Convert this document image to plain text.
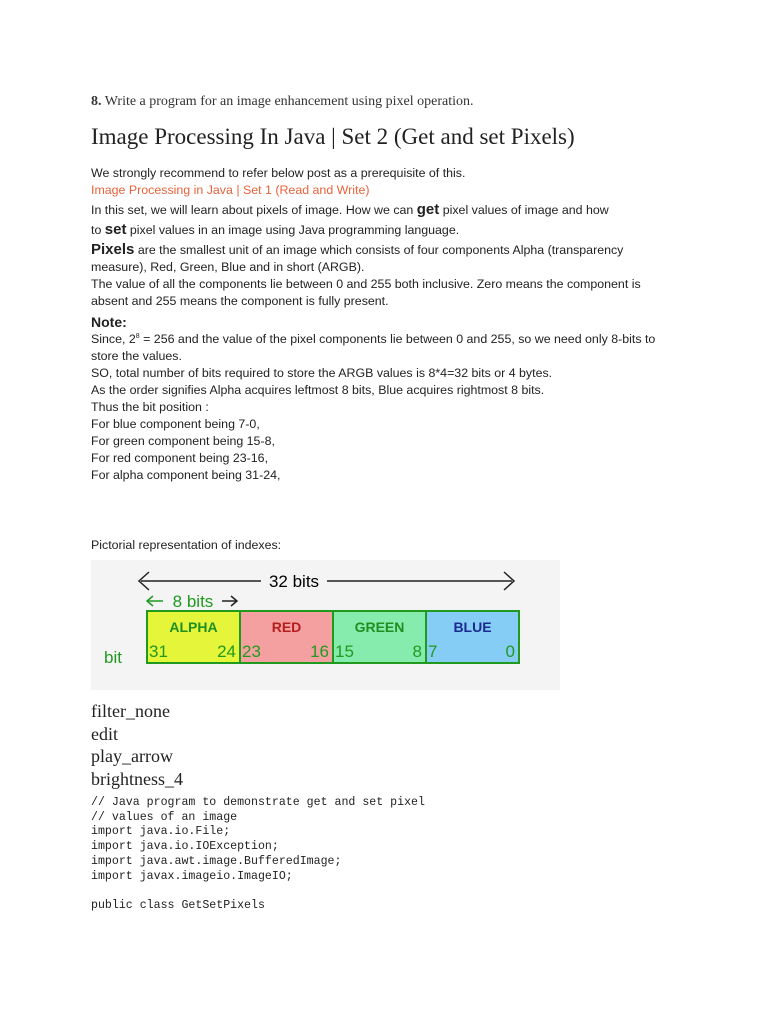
8. Write a program for an image enhancement using pixel operation.
Image Processing In Java | Set 2 (Get and set Pixels)

We strongly recommend to refer below post as a prerequisite of this.

Image Processing in Java | Set 1 (Read and Write)

In this set, we will learn about pixels of image. How we can get pixel values of image and how

to set pixel values in an image using Java programming language.

Pixels are the smallest unit of an image which consists of four components Alpha (transparency measure), Red, Green, Blue and in short (ARGB).

The value of all the components lie between 0 and 255 both inclusive. Zero means the component is absent and 255 means the component is fully present.

Note:

Since, $2^8 = 256$ and the value of the pixel components lie between 0 and 255, so we need only 8-bits to store the values.

SO, total number of bits required to store the ARGB values is 8*4=32 bits or 4 bytes.

As the order signifies Alpha acquires leftmost 8 bits, Blue acquires rightmost 8 bits.

Thus the bit position :

For blue component being 7-0,

For green component being 15-8,

For red component being 23-16,

For alpha component being 31-24,

Pictorial representation of indexes:
32 bits
8 bits
bit
ALPHA
31	24
RED
23	16
GREEN
15	8
BLUE
7	0
filter_none
edit
play_arrow
brightness_4
// Java program to demonstrate get and set pixel
// values of an image
import java.io.File;
import java.io.IOException;
import java.awt.image.BufferedImage;
import javax.imageio.ImageIO;

public class GetSetPixels
